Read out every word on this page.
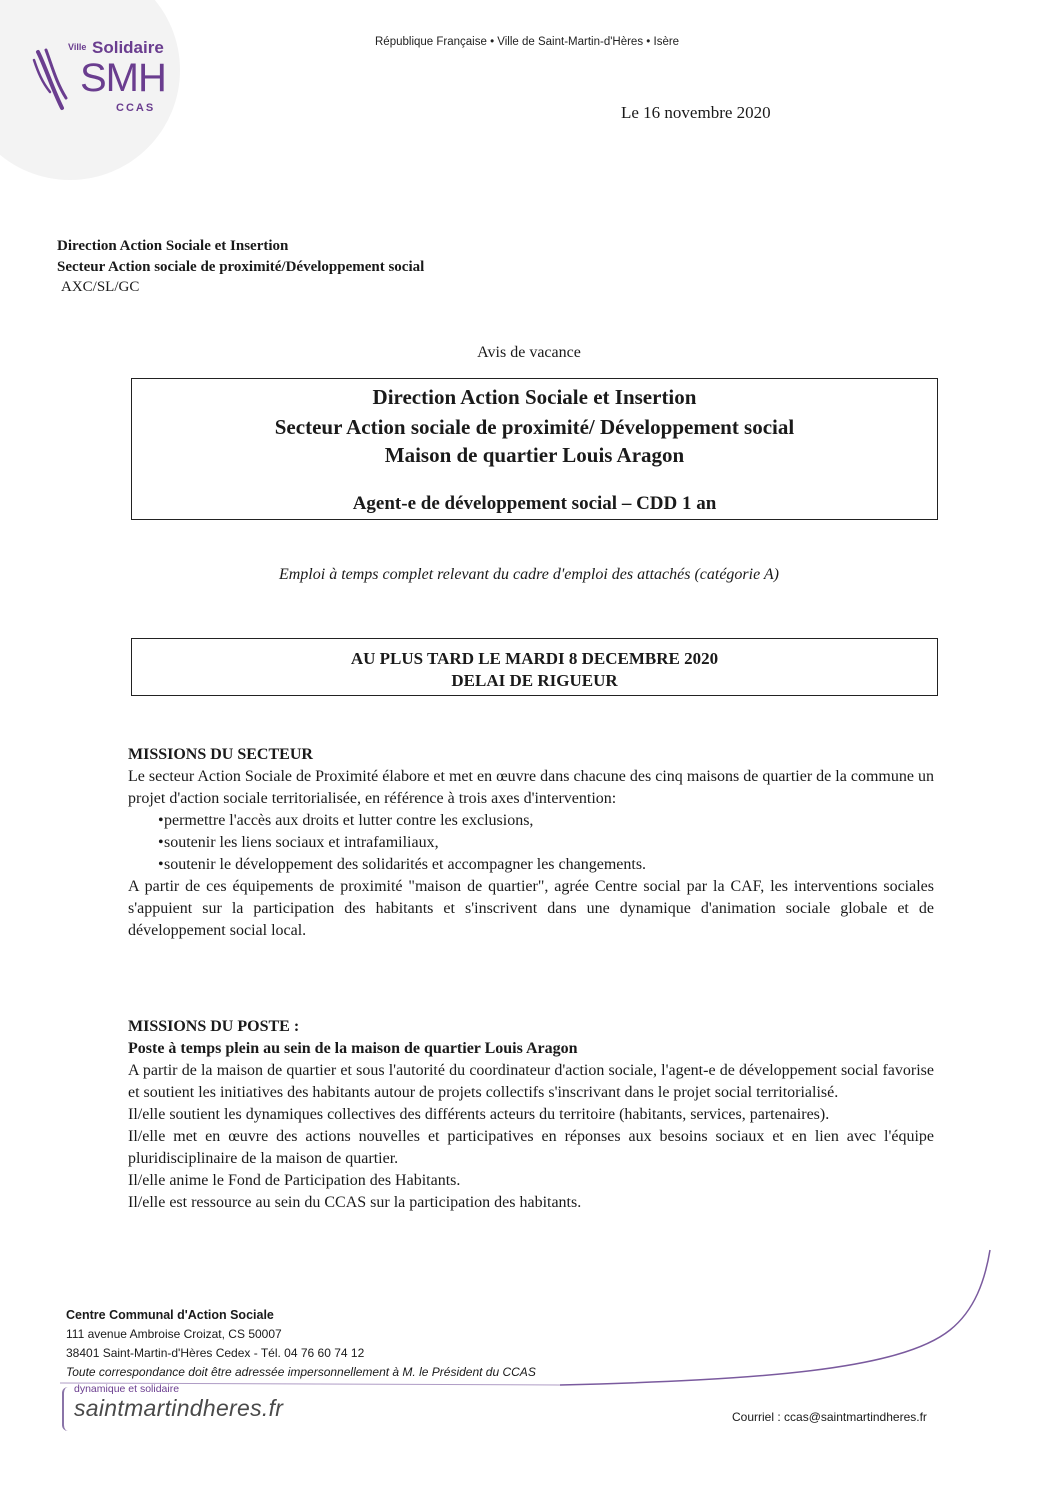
Ville Solidaire
SMH
CCAS
République Française • Ville de Saint-Martin-d'Hères • Isère
Le 16 novembre 2020
Direction Action Sociale et Insertion
Secteur Action sociale de proximité/Développement social
AXC/SL/GC
Avis de vacance
Direction Action Sociale et Insertion
Secteur Action sociale de proximité/ Développement social
Maison de quartier Louis Aragon
Agent-e de développement social – CDD 1 an
Emploi à temps complet relevant du cadre d'emploi des attachés (catégorie A)
AU PLUS TARD LE MARDI 8 DECEMBRE 2020
DELAI DE RIGUEUR
MISSIONS DU SECTEUR

Le secteur Action Sociale de Proximité élabore et met en œuvre dans chacune des cinq maisons de quartier de la commune un projet d'action sociale territorialisée, en référence à trois axes d'intervention:

• permettre l'accès aux droits et lutter contre les exclusions,
• soutenir les liens sociaux et intrafamiliaux,
• soutenir le développement des solidarités et accompagner les changements.

A partir de ces équipements de proximité "maison de quartier", agrée Centre social par la CAF, les interventions sociales s'appuient sur la participation des habitants et s'inscrivent dans une dynamique d'animation sociale globale et de développement social local.

MISSIONS DU POSTE :
Poste à temps plein au sein de la maison de quartier Louis Aragon

A partir de la maison de quartier et sous l'autorité du coordinateur d'action sociale, l'agent-e de développement social favorise et soutient les initiatives des habitants autour de projets collectifs s'inscrivant dans le projet social territorialisé.

Il/elle soutient les dynamiques collectives des différents acteurs du territoire (habitants, services, partenaires).

Il/elle met en œuvre des actions nouvelles et participatives en réponses aux besoins sociaux et en lien avec l'équipe pluridisciplinaire de la maison de quartier.

Il/elle anime le Fond de Participation des Habitants.

Il/elle est ressource au sein du CCAS sur la participation des habitants.

Centre Communal d'Action Sociale
111 avenue Ambroise Croizat, CS 50007
38401 Saint-Martin-d'Hères Cedex - Tél. 04 76 60 74 12
Toute correspondance doit être adressée impersonnellement à M. le Président du CCAS
dynamique et solidaire
saintmartindheres.fr	Courriel : ccas@saintmartindheres.fr
